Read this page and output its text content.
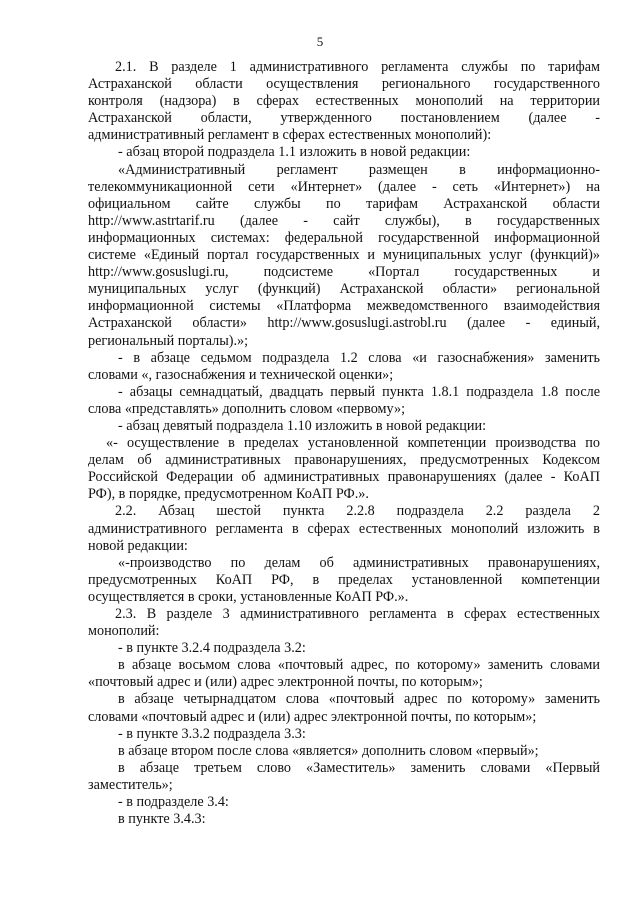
5

2.1. В разделе 1 административного регламента службы по тарифам

Астраханской области осуществления регионального государственного

контроля (надзора) в сферах естественных монополий на территории

Астраханской области, утвержденного постановлением (далее -

административный регламент в сферах естественных монополий):

- абзац второй подраздела 1.1 изложить в новой редакции:

«Административный регламент размещен в информационно-

телекоммуникационной сети «Интернет» (далее - сеть «Интернет») на

официальном сайте службы по тарифам Астраханской области

http://www.astrtarif.ru (далее - сайт службы), в государственных

информационных системах: федеральной государственной информационной

системе «Единый портал государственных и муниципальных услуг (функций)»

http://www.gosuslugi.ru, подсистеме «Портал государственных и

муниципальных услуг (функций) Астраханской области» региональной

информационной системы «Платформа межведомственного взаимодействия

Астраханской области» http://www.gosuslugi.astrobl.ru (далее - единый,

региональный порталы).»;

- в абзаце седьмом подраздела 1.2 слова «и газоснабжения» заменить

словами «, газоснабжения и технической оценки»;

- абзацы семнадцатый, двадцать первый пункта 1.8.1 подраздела 1.8 после

слова «представлять» дополнить словом «первому»;

- абзац девятый подраздела 1.10 изложить в новой редакции:

«- осуществление в пределах установленной компетенции производства по

делам об административных правонарушениях, предусмотренных Кодексом

Российской Федерации об административных правонарушениях (далее - КоАП

РФ), в порядке, предусмотренном КоАП РФ.».

2.2. Абзац шестой пункта 2.2.8 подраздела 2.2 раздела 2

административного регламента в сферах естественных монополий изложить в

новой редакции:

«-производство по делам об административных правонарушениях,

предусмотренных КоАП РФ, в пределах установленной компетенции

осуществляется в сроки, установленные КоАП РФ.».

2.3. В разделе 3 административного регламента в сферах естественных

монополий:

- в пункте 3.2.4 подраздела 3.2:

в абзаце восьмом слова «почтовый адрес, по которому» заменить словами

«почтовый адрес и (или) адрес электронной почты, по которым»;

в абзаце четырнадцатом слова «почтовый адрес по которому» заменить

словами «почтовый адрес и (или) адрес электронной почты, по которым»;

- в пункте 3.3.2 подраздела 3.3:

в абзаце втором после слова «является» дополнить словом «первый»;

в абзаце третьем слово «Заместитель» заменить словами «Первый

заместитель»;

- в подразделе 3.4:

в пункте 3.4.3:
